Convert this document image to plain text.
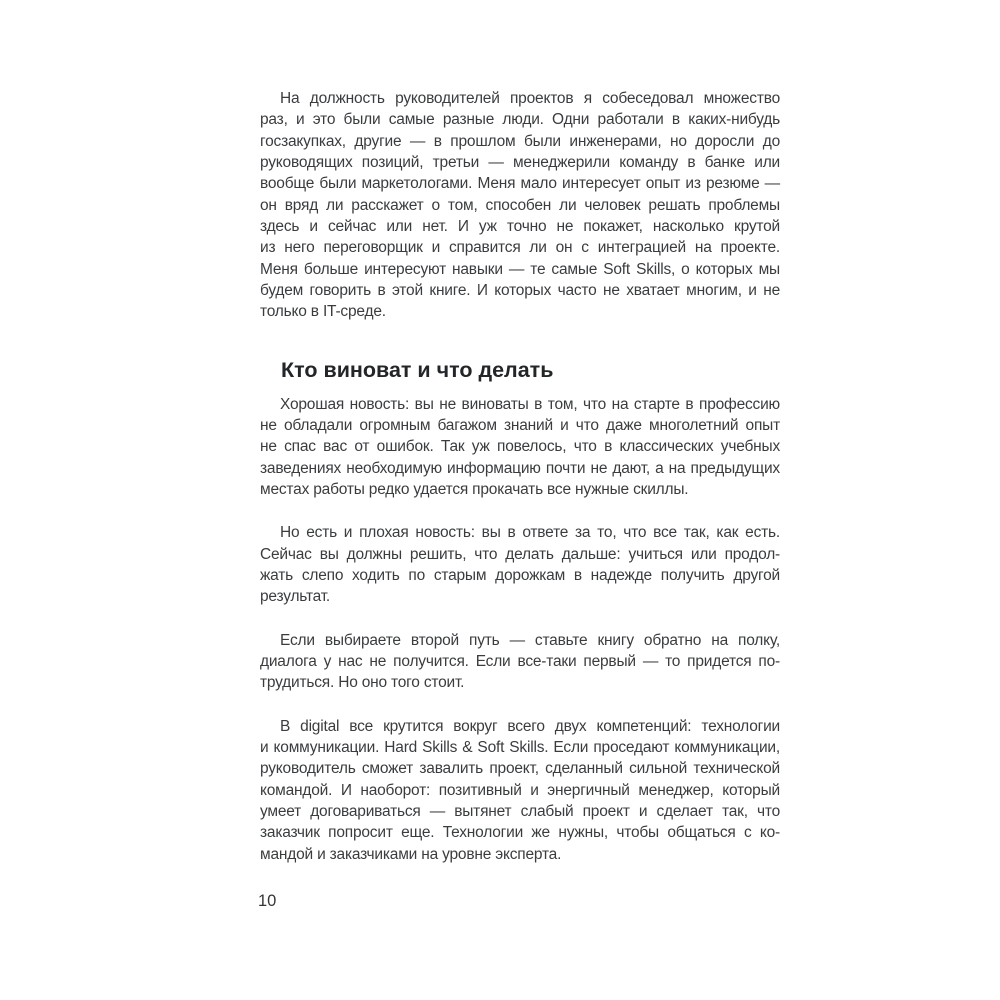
На должность руководителей проектов я собеседовал множество
раз, и это были самые разные люди. Одни работали в каких-нибудь
госзакупках, другие — в прошлом были инженерами, но доросли до
руководящих позиций, третьи — менеджерили команду в банке или
вообще были маркетологами. Меня мало интересует опыт из резюме —
он вряд ли расскажет о том, способен ли человек решать проблемы
здесь и сейчас или нет. И уж точно не покажет, насколько крутой
из него переговорщик и справится ли он с интеграцией на проекте.
Меня больше интересуют навыки — те самые Soft Skills, о которых мы
будем говорить в этой книге. И которых часто не хватает многим, и не
только в IT-среде.
Кто виноват и что делать
Хорошая новость: вы не виноваты в том, что на старте в профессию
не обладали огромным багажом знаний и что даже многолетний опыт
не спас вас от ошибок. Так уж повелось, что в классических учебных
заведениях необходимую информацию почти не дают, а на предыдущих
местах работы редко удается прокачать все нужные скиллы.
Но есть и плохая новость: вы в ответе за то, что все так, как есть.
Сейчас вы должны решить, что делать дальше: учиться или продол-
жать слепо ходить по старым дорожкам в надежде получить другой
результат.
Если выбираете второй путь — ставьте книгу обратно на полку,
диалога у нас не получится. Если все-таки первый — то придется по-
трудиться. Но оно того стоит.
В digital все крутится вокруг всего двух компетенций: технологии
и коммуникации. Hard Skills & Soft Skills. Если проседают коммуникации,
руководитель сможет завалить проект, сделанный сильной технической
командой. И наоборот: позитивный и энергичный менеджер, который
умеет договариваться — вытянет слабый проект и сделает так, что
заказчик попросит еще. Технологии же нужны, чтобы общаться с ко-
мандой и заказчиками на уровне эксперта.
10
